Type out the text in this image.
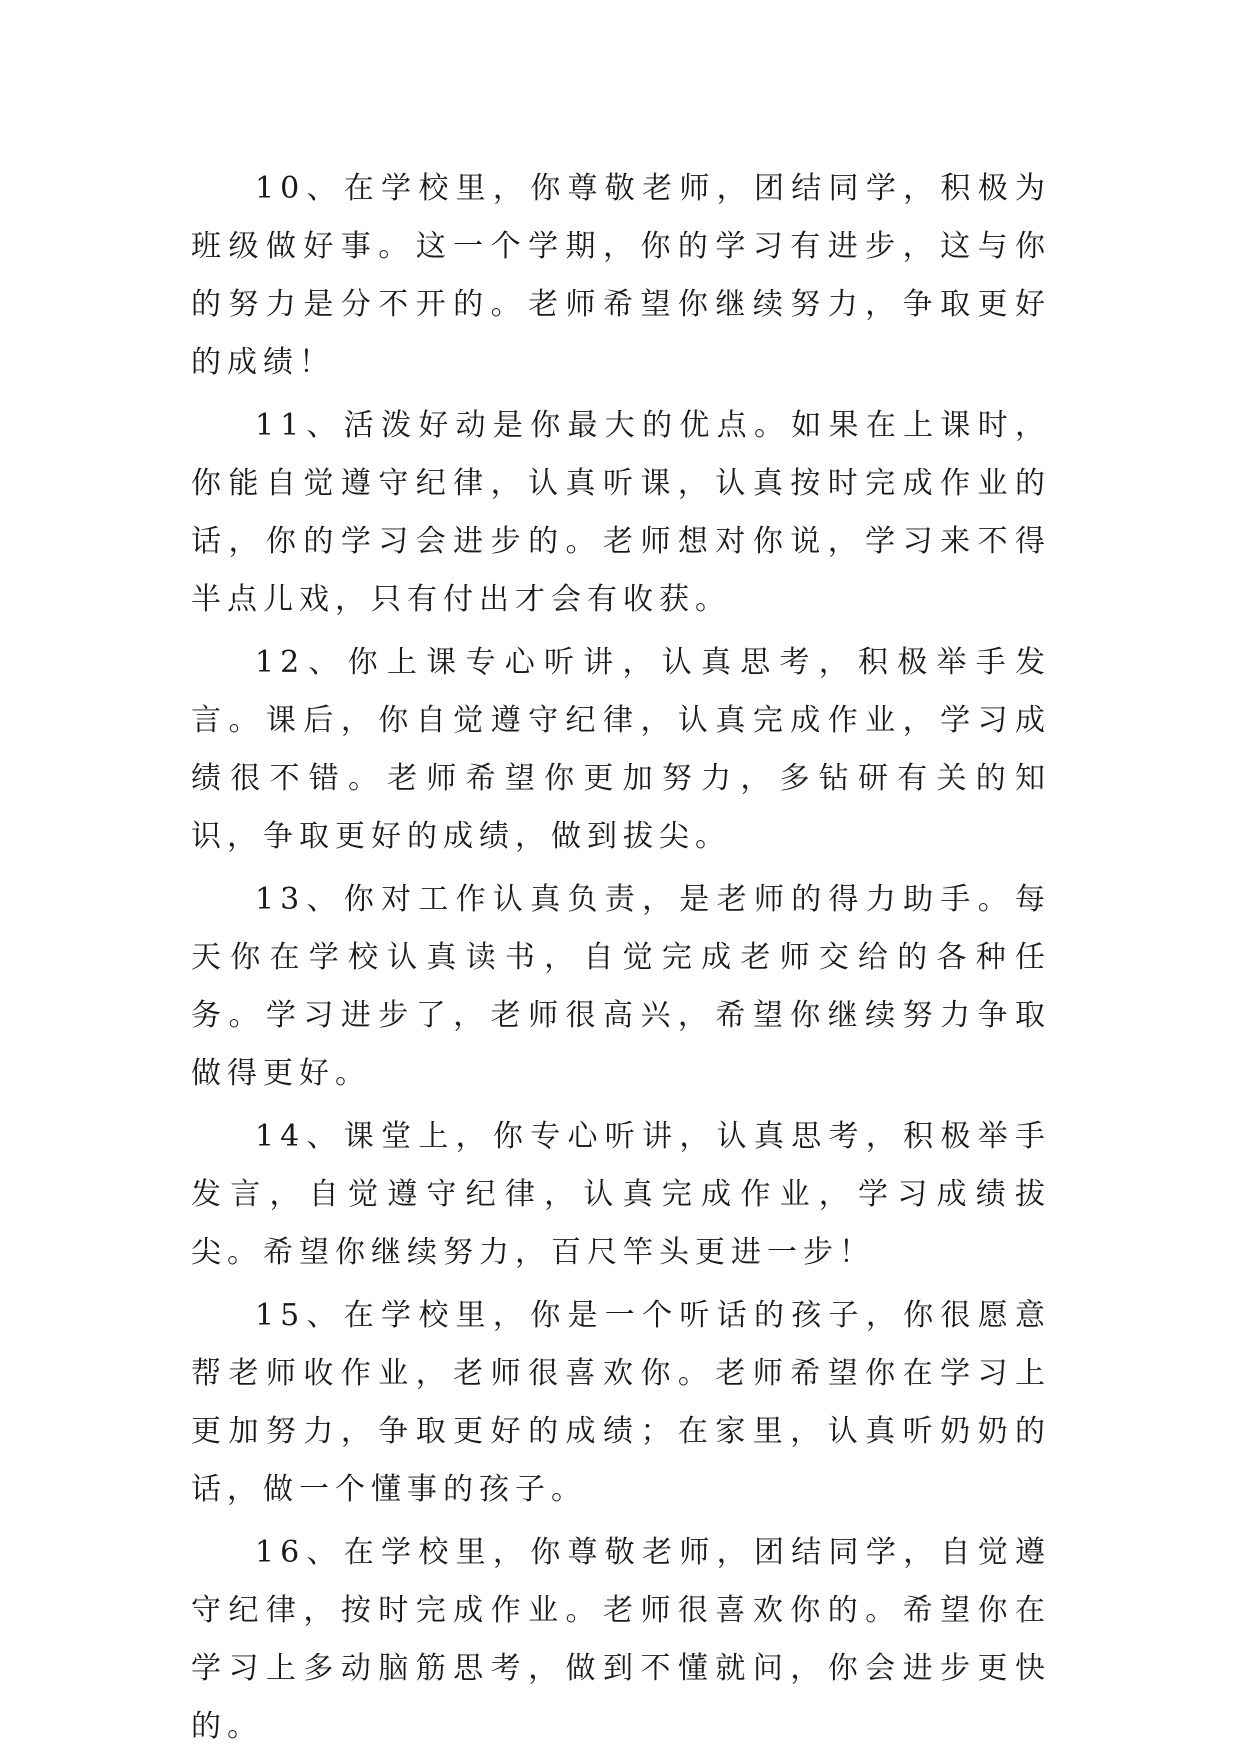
10、在学校里，你尊敬老师，团结同学，积极为班级做好事。这一个学期，你的学习有进步，这与你的努力是分不开的。老师希望你继续努力，争取更好的成绩！

11、活泼好动是你最大的优点。如果在上课时，你能自觉遵守纪律，认真听课，认真按时完成作业的话，你的学习会进步的。老师想对你说，学习来不得半点儿戏，只有付出才会有收获。

12、你上课专心听讲，认真思考，积极举手发言。课后，你自觉遵守纪律，认真完成作业，学习成绩很不错。老师希望你更加努力，多钻研有关的知识，争取更好的成绩，做到拔尖。

13、你对工作认真负责，是老师的得力助手。每天你在学校认真读书，自觉完成老师交给的各种任务。学习进步了，老师很高兴，希望你继续努力争取做得更好。

14、课堂上，你专心听讲，认真思考，积极举手发言，自觉遵守纪律，认真完成作业，学习成绩拔尖。希望你继续努力，百尺竿头更进一步！

15、在学校里，你是一个听话的孩子，你很愿意帮老师收作业，老师很喜欢你。老师希望你在学习上更加努力，争取更好的成绩；在家里，认真听奶奶的话，做一个懂事的孩子。

16、在学校里，你尊敬老师，团结同学，自觉遵守纪律，按时完成作业。老师很喜欢你的。希望你在学习上多动脑筋思考，做到不懂就问，你会进步更快的。
